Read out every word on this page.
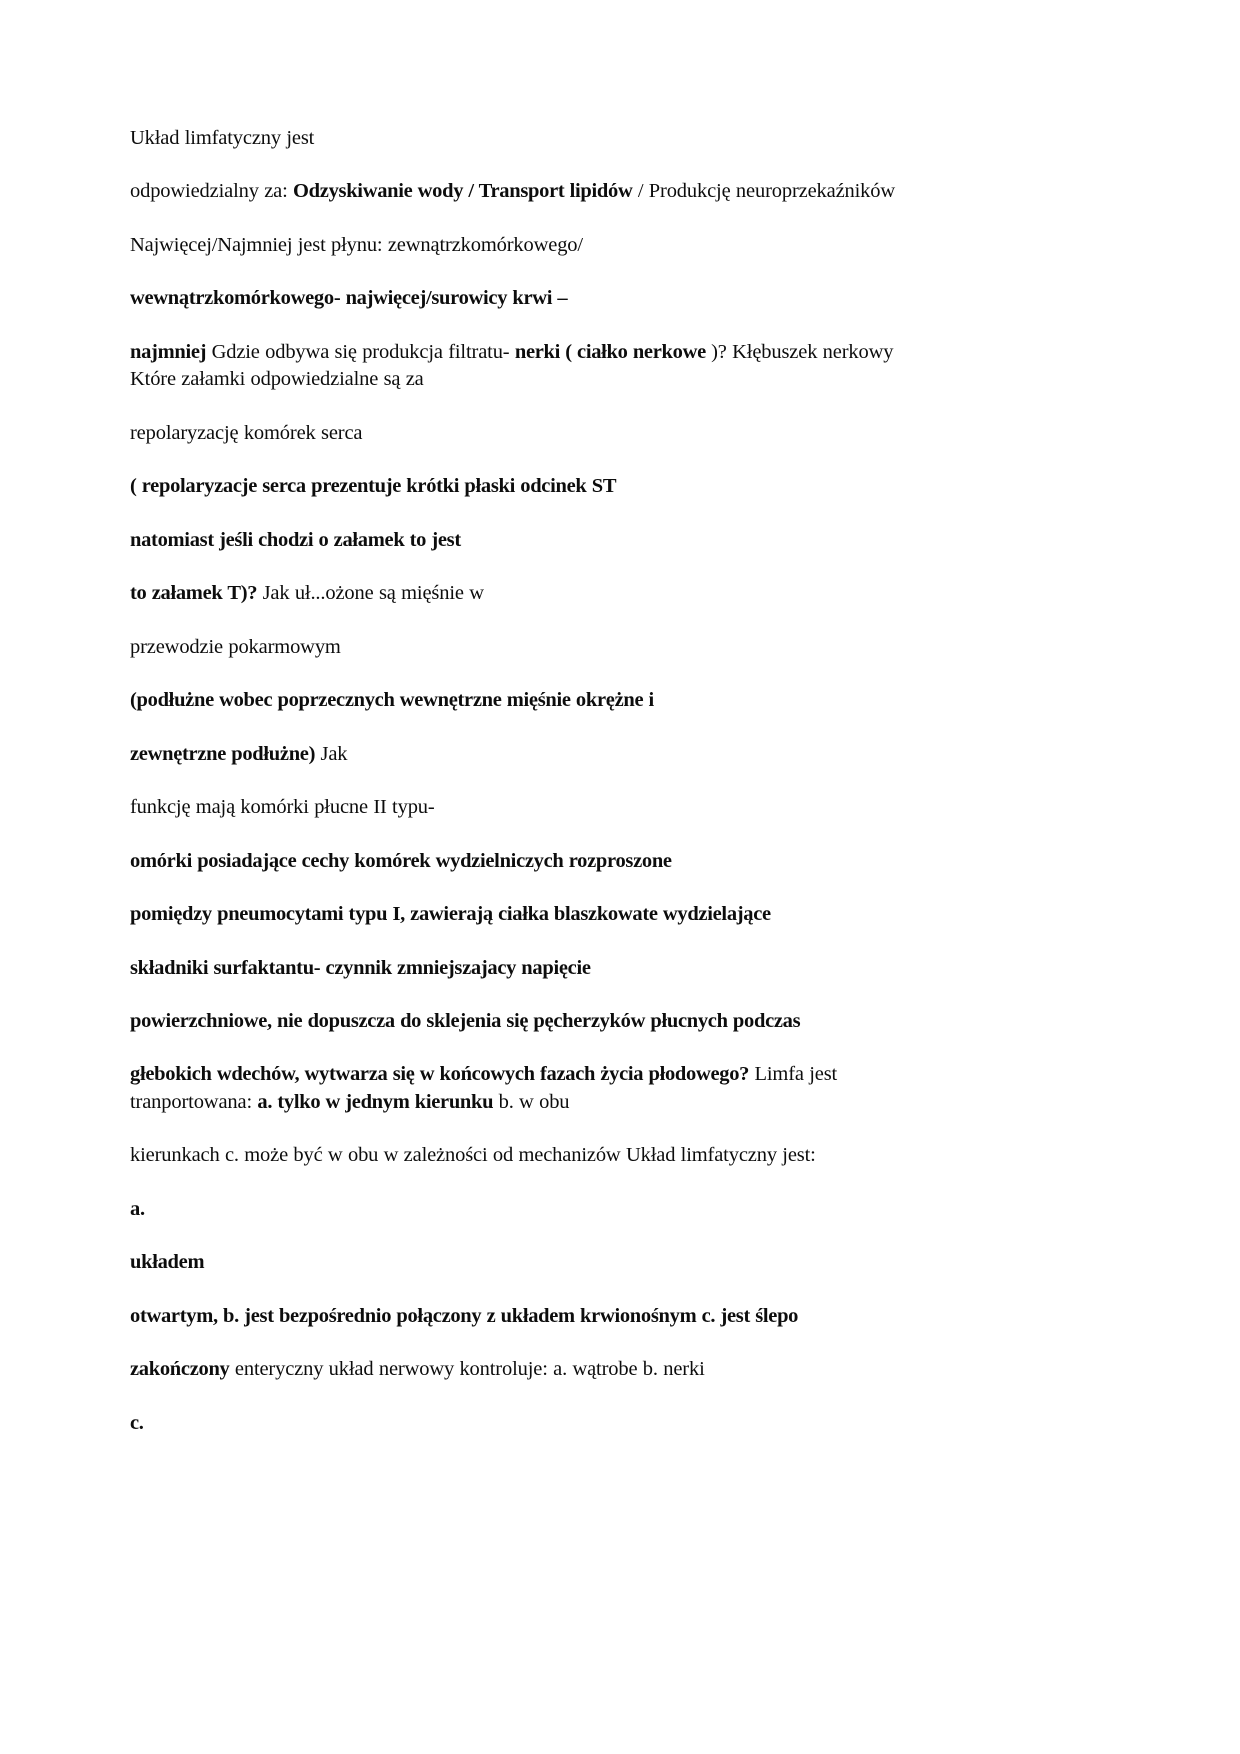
Układ limfatyczny jest

odpowiedzialny za: Odzyskiwanie wody / Transport lipidów / Produkcję neuroprzekaźników

Najwięcej/Najmniej jest płynu: zewnątrzkomórkowego/

wewnątrzkomórkowego- najwięcej/surowicy krwi –

najmniej Gdzie odbywa się produkcja filtratu- nerki ( ciałko nerkowe )? Kłębuszek nerkowy Które załamki odpowiedzialne są za

repolaryzację komórek serca

( repolaryzacje serca prezentuje krótki płaski odcinek ST

natomiast jeśli chodzi o załamek to jest

to załamek T)? Jak uł...ożone są mięśnie w

przewodzie pokarmowym

(podłużne wobec poprzecznych wewnętrzne mięśnie okrężne i

zewnętrzne podłużne) Jak

funkcję mają komórki płucne II typu-

omórki posiadające cechy komórek wydzielniczych rozproszone

pomiędzy pneumocytami typu I, zawierają ciałka blaszkowate wydzielające

składniki surfaktantu- czynnik zmniejszajacy napięcie

powierzchniowe, nie dopuszcza do sklejenia się pęcherzyków płucnych podczas

głebokich wdechów, wytwarza się w końcowych fazach życia płodowego? Limfa jest tranportowana: a. tylko w jednym kierunku b. w obu

kierunkach c. może być w obu w zależności od mechanizów Układ limfatyczny jest:

a.

układem

otwartym, b. jest bezpośrednio połączony z układem krwionośnym c. jest ślepo

zakończony enteryczny układ nerwowy kontroluje: a. wątrobe b. nerki

c.
